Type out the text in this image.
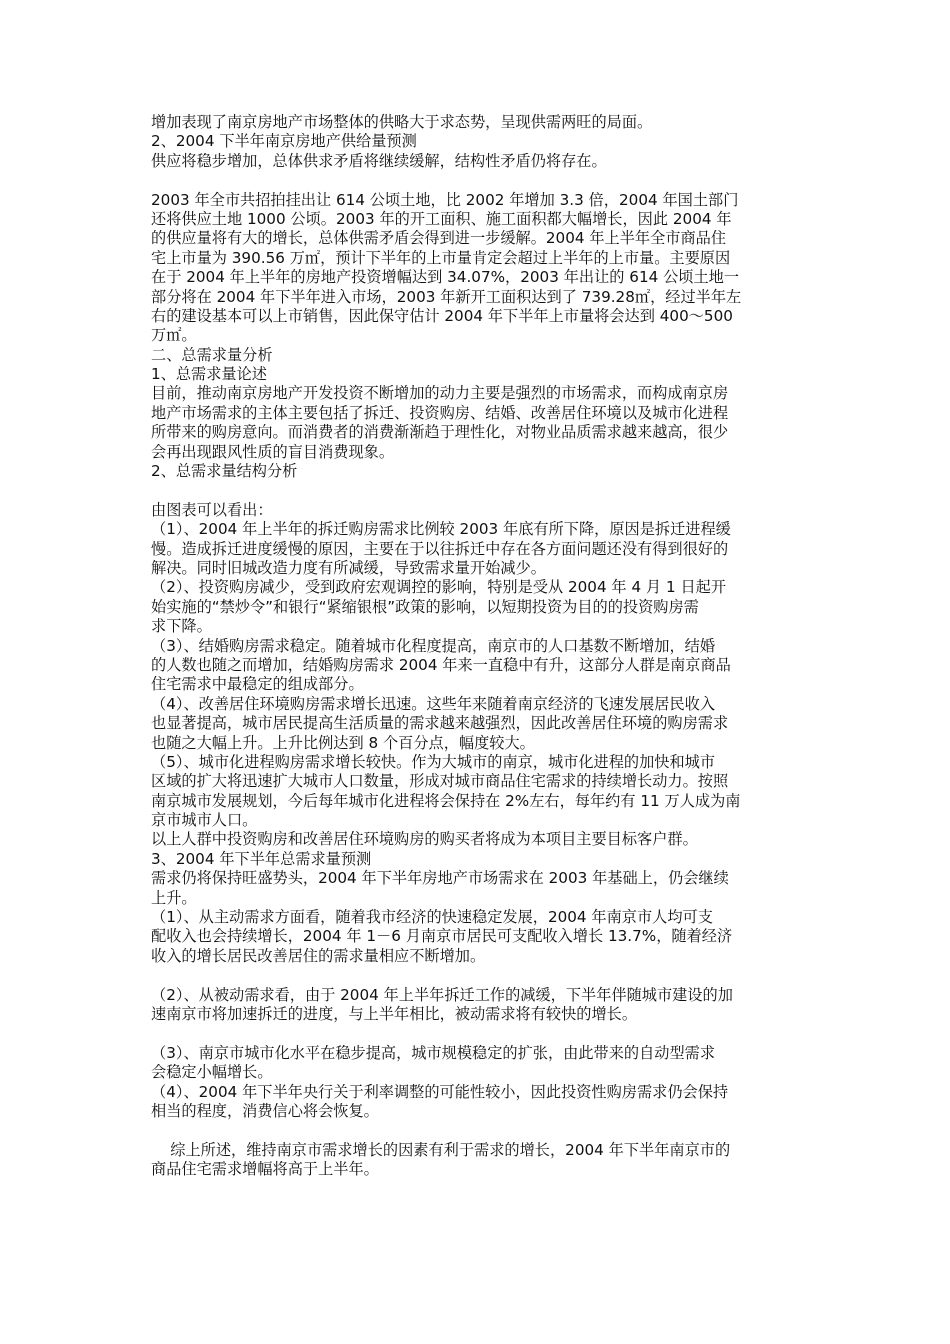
增加表现了南京房地产市场整体的供略大于求态势，呈现供需两旺的局面。
2、2004 下半年南京房地产供给量预测
供应将稳步增加，总体供求矛盾将继续缓解，结构性矛盾仍将存在。
2003 年全市共招拍挂出让 614 公顷土地，比 2002 年增加 3.3 倍，2004 年国土部门
还将供应土地 1000 公顷。2003 年的开工面积、施工面积都大幅增长，因此 2004 年
的供应量将有大的增长，总体供需矛盾会得到进一步缓解。2004 年上半年全市商品住
宅上市量为 390.56 万㎡，预计下半年的上市量肯定会超过上半年的上市量。主要原因
在于 2004 年上半年的房地产投资增幅达到 34.07%，2003 年出让的 614 公顷土地一
部分将在 2004 年下半年进入市场，2003 年新开工面积达到了 739.28㎡，经过半年左
右的建设基本可以上市销售，因此保守估计 2004 年下半年上市量将会达到 400～500
万㎡。
二、总需求量分析
1、总需求量论述
目前，推动南京房地产开发投资不断增加的动力主要是强烈的市场需求，而构成南京房
地产市场需求的主体主要包括了拆迁、投资购房、结婚、改善居住环境以及城市化进程
所带来的购房意向。而消费者的消费渐渐趋于理性化，对物业品质需求越来越高，很少
会再出现跟风性质的盲目消费现象。
2、总需求量结构分析
由图表可以看出：
（1）、2004 年上半年的拆迁购房需求比例较 2003 年底有所下降，原因是拆迁进程缓
慢。造成拆迁进度缓慢的原因，主要在于以往拆迁中存在各方面问题还没有得到很好的
解决。同时旧城改造力度有所减缓，导致需求量开始减少。
（2）、投资购房减少，受到政府宏观调控的影响，特别是受从 2004 年 4 月 1 日起开
始实施的“禁炒令”和银行“紧缩银根”政策的影响，以短期投资为目的的投资购房需
求下降。
（3）、结婚购房需求稳定。随着城市化程度提高，南京市的人口基数不断增加，结婚
的人数也随之而增加，结婚购房需求 2004 年来一直稳中有升，这部分人群是南京商品
住宅需求中最稳定的组成部分。
（4）、改善居住环境购房需求增长迅速。这些年来随着南京经济的飞速发展居民收入
也显著提高，城市居民提高生活质量的需求越来越强烈，因此改善居住环境的购房需求
也随之大幅上升。上升比例达到 8 个百分点，幅度较大。
（5）、城市化进程购房需求增长较快。作为大城市的南京，城市化进程的加快和城市
区域的扩大将迅速扩大城市人口数量，形成对城市商品住宅需求的持续增长动力。按照
南京城市发展规划，今后每年城市化进程将会保持在 2%左右，每年约有 11 万人成为南
京市城市人口。
以上人群中投资购房和改善居住环境购房的购买者将成为本项目主要目标客户群。
3、2004 年下半年总需求量预测
需求仍将保持旺盛势头，2004 年下半年房地产市场需求在 2003 年基础上，仍会继续
上升。
（1）、从主动需求方面看，随着我市经济的快速稳定发展，2004 年南京市人均可支
配收入也会持续增长，2004 年 1－6 月南京市居民可支配收入增长 13.7%，随着经济
收入的增长居民改善居住的需求量相应不断增加。
（2）、从被动需求看，由于 2004 年上半年拆迁工作的减缓，下半年伴随城市建设的加
速南京市将加速拆迁的进度，与上半年相比，被动需求将有较快的增长。
（3）、南京市城市化水平在稳步提高，城市规模稳定的扩张，由此带来的自动型需求
会稳定小幅增长。
（4）、2004 年下半年央行关于利率调整的可能性较小，因此投资性购房需求仍会保持
相当的程度，消费信心将会恢复。
综上所述，维持南京市需求增长的因素有利于需求的增长，2004 年下半年南京市的
商品住宅需求增幅将高于上半年。
